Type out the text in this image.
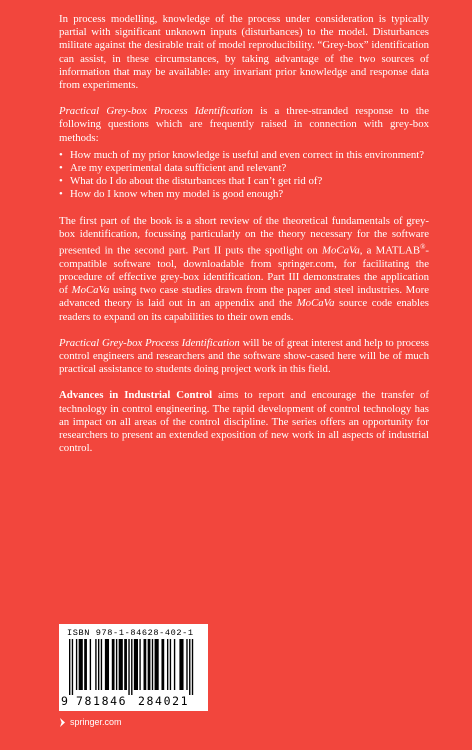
In process modelling, knowledge of the process under consideration is typically partial with significant unknown inputs (disturbances) to the model. Disturbances militate against the desirable trait of model reproducibility. “Grey-box” identification can assist, in these circumstances, by taking advantage of the two sources of information that may be available: any invariant prior knowledge and response data from experiments.

Practical Grey-box Process Identification is a three-stranded response to the following questions which are frequently raised in connection with grey-box methods:

• How much of my prior knowledge is useful and even correct in this environment?
• Are my experimental data sufficient and relevant?
• What do I do about the disturbances that I can’t get rid of?
• How do I know when my model is good enough?

The first part of the book is a short review of the theoretical fundamentals of grey-box identification, focussing particularly on the theory necessary for the software presented in the second part. Part II puts the spotlight on MoCaVa, a MATLAB®-compatible software tool, downloadable from springer.com, for facilitating the procedure of effective grey-box identification. Part III demonstrates the application of MoCaVa using two case studies drawn from the paper and steel industries. More advanced theory is laid out in an appendix and the MoCaVa source code enables readers to expand on its capabilities to their own ends.

Practical Grey-box Process Identification will be of great interest and help to process control engineers and researchers and the software show-cased here will be of much practical assistance to students doing project work in this field.

Advances in Industrial Control aims to report and encourage the transfer of technology in control engineering. The rapid development of control technology has an impact on all areas of the control discipline. The series offers an opportunity for researchers to present an extended exposition of new work in all aspects of industrial control.

ISBN 978-1-84628-402-1
9 781846 284021
springer.com
